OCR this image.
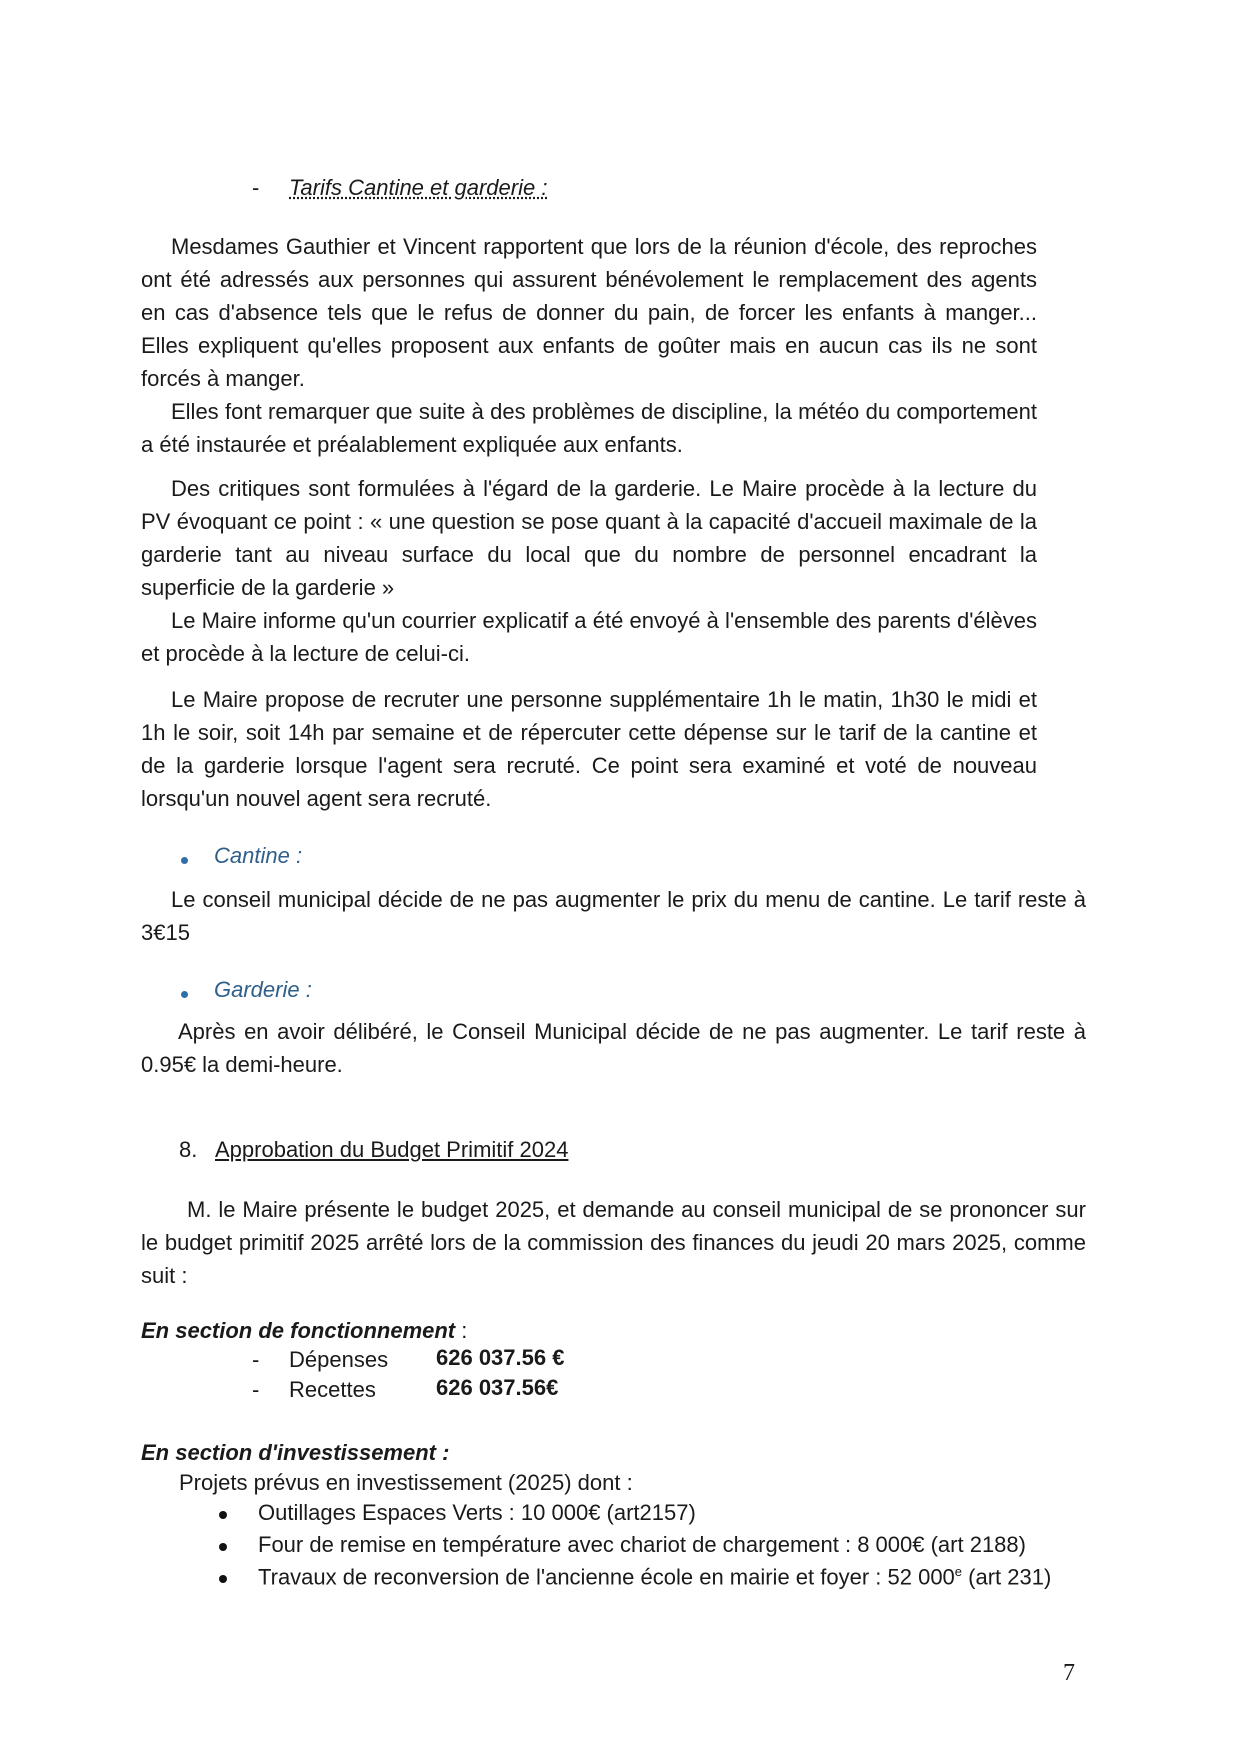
- Tarifs Cantine et garderie :
Mesdames Gauthier et Vincent rapportent que lors de la réunion d'école, des reproches ont été adressés aux personnes qui assurent bénévolement le remplacement des agents en cas d'absence tels que le refus de donner du pain, de forcer les enfants à manger... Elles expliquent qu'elles proposent aux enfants de goûter mais en aucun cas ils ne sont forcés à manger.
Elles font remarquer que suite à des problèmes de discipline, la météo du comportement a été instaurée et préalablement expliquée aux enfants.
Des critiques sont formulées à l'égard de la garderie. Le Maire procède à la lecture du PV évoquant ce point : « une question se pose quant à la capacité d'accueil maximale de la garderie tant au niveau surface du local que du nombre de personnel encadrant la superficie de la garderie »
Le Maire informe qu'un courrier explicatif a été envoyé à l'ensemble des parents d'élèves et procède à la lecture de celui-ci.
Le Maire propose de recruter une personne supplémentaire 1h le matin, 1h30 le midi et 1h le soir, soit 14h par semaine et de répercuter cette dépense sur le tarif de la cantine et de la garderie lorsque l'agent sera recruté. Ce point sera examiné et voté de nouveau lorsqu'un nouvel agent sera recruté.
Cantine :
Le conseil municipal décide de ne pas augmenter le prix du menu de cantine. Le tarif reste à 3€15
Garderie :
Après en avoir délibéré, le Conseil Municipal décide de ne pas augmenter. Le tarif reste à 0.95€ la demi-heure.
8. Approbation du Budget Primitif 2024
M. le Maire présente le budget 2025, et demande au conseil municipal de se prononcer sur le budget primitif 2025 arrêté lors de la commission des finances du jeudi 20 mars 2025, comme suit :
En section de fonctionnement :
- Dépenses 626 037.56 €
- Recettes	626 037.56€
En section d'investissement :
Projets prévus en investissement (2025) dont :
Outillages Espaces Verts : 10 000€ (art2157)
Four de remise en température avec chariot de chargement : 8 000€ (art 2188)
Travaux de reconversion de l'ancienne école en mairie et foyer : 52 000e (art 231)
7
